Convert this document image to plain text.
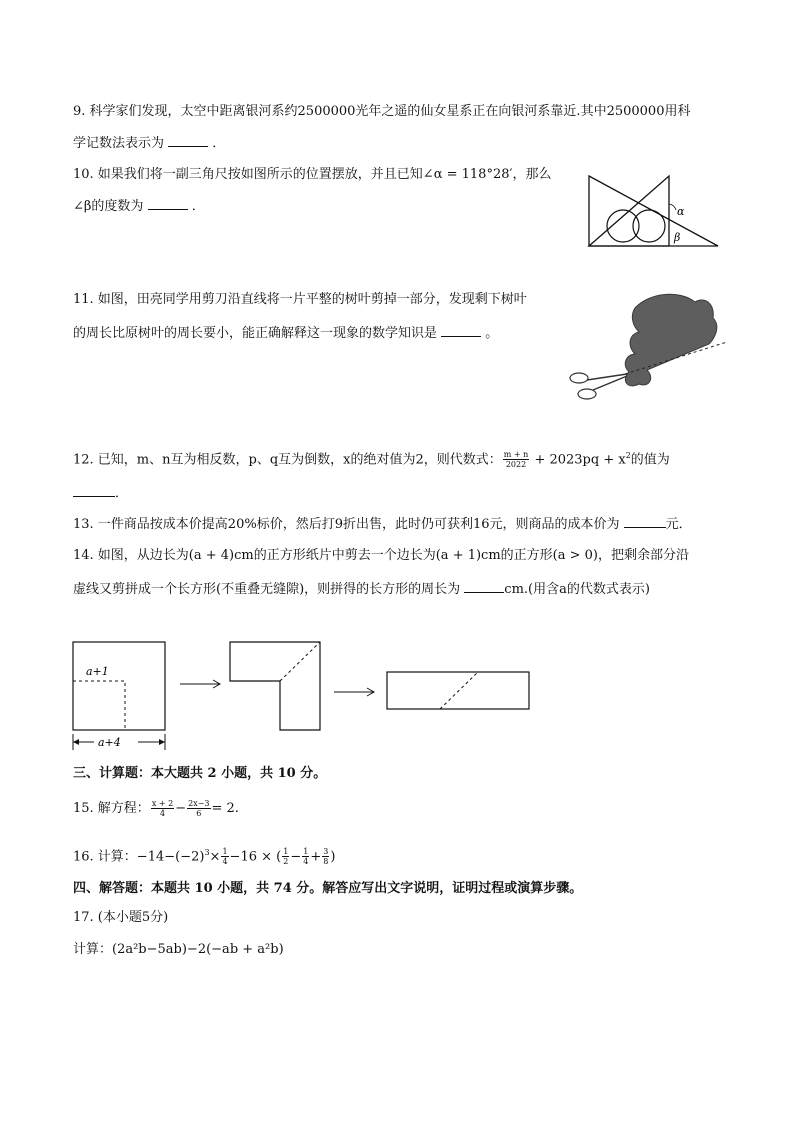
9. 科学家们发现，太空中距离银河系约2500000光年之遥的仙女星系正在向银河系靠近.其中2500000用科
学记数法表示为	．
10. 如果我们将一副三角尺按如图所示的位置摆放，并且已知∠α = 118°28′，那么
∠β的度数为	．	α
β
11. 如图，田亮同学用剪刀沿直线将一片平整的树叶剪掉一部分，发现剩下树叶
的周长比原树叶的周长要小，能正确解释这一现象的数学知识是	。
12. 已知，m、n互为相反数，p、q互为倒数，x的绝对值为2，则代数式： $\frac{m + n}{2022} + 2023pq + x^2$的值为
．
13. 一件商品按成本价提高20%标价，然后打9折出售，此时仍可获利16元，则商品的成本价为	元．
14. 如图，从边长为(a + 4)cm的正方形纸片中剪去一个边长为(a + 1)cm的正方形(a > 0)，把剩余部分沿
虚线又剪拼成一个长方形(不重叠无缝隙)，则拼得的长方形的周长为	cm.(用含a的代数式表示)
a+1
a+4
三、计算题：本大题共 2 小题，共 10 分。
15. 解方程： $\frac{x + 2}{4} - \frac{2x-3}{6} = 2$.
16. 计算：$-14-(-2)^3\times \frac{1}{4} -16$ × ( $\frac{1}{2} - \frac{1}{4} + \frac{3}{8}$ )
四、解答题：本题共 10 小题，共 74 分。解答应写出文字说明，证明过程或演算步骤。
17. (本小题5分)
计算：(2a²b−5ab)−2(−ab + a²b)
